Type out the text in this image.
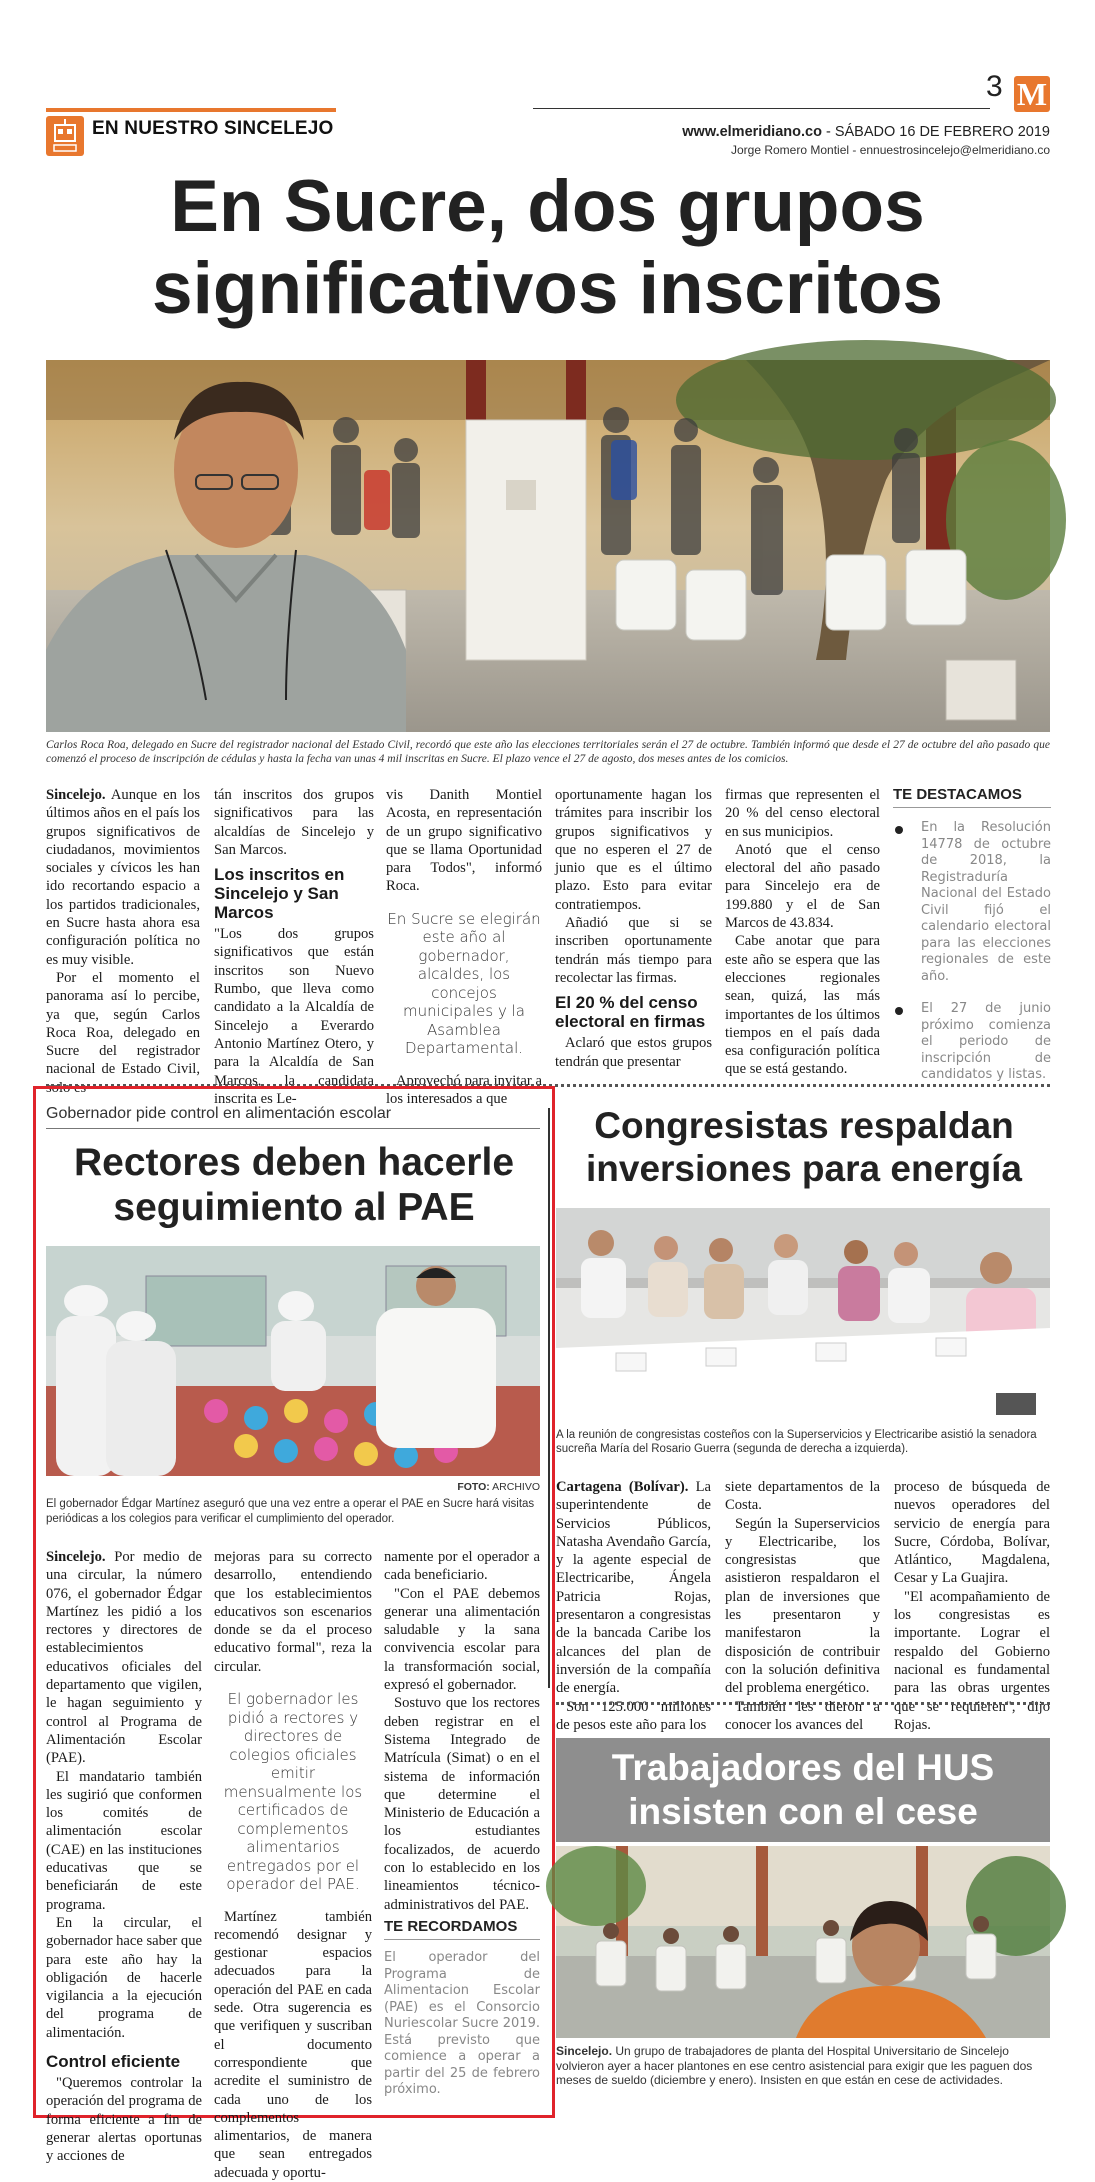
EN NUESTRO SINCELEJO
3 M
www.elmeridiano.co - SÁBADO 16 DE FEBRERO 2019
Jorge Romero Montiel - ennuestrosincelejo@elmeridiano.co
En Sucre, dos grupos
significativos inscritos
Carlos Roca Roa, delegado en Sucre del registrador nacional del Estado Civil, recordó que este año las elecciones territoriales serán el 27 de octubre. También informó que desde el 27 de octubre del año pasado que comenzó el proceso de inscripción de cédulas y hasta la fecha van unas 4 mil inscritas en Sucre. El plazo vence el 27 de agosto, dos meses antes de los comicios.

Sincelejo. Aunque en los últimos años en el país los grupos significativos de ciudadanos, movimientos sociales y cívicos les han ido recortando espacio a los partidos tradicionales, en Sucre hasta ahora esa configuración política no es muy visible.

Por el momento el panorama así lo percibe, ya que, según Carlos Roca Roa, delegado en Sucre del registrador nacional de Estado Civil, solo es-

tán inscritos dos grupos significativos para las alcaldías de Sincelejo y San Marcos.

Los inscritos en Sincelejo y San Marcos

"Los dos grupos significativos que están inscritos son Nuevo Rumbo, que lleva como candidato a la Alcaldía de Sincelejo a Everardo Antonio Martínez Otero, y para la Alcaldía de San Marcos, la candidata inscrita es Le-

vis Danith Montiel Acosta, en representación de un grupo significativo que se llama Oportunidad para Todos", informó Roca.

En Sucre se elegirán este año al gobernador, alcaldes, los concejos municipales y la Asamblea Departamental.

Aprovechó para invitar a los interesados a que

oportunamente hagan los trámites para inscribir los grupos significativos y que no esperen el 27 de junio que es el último plazo. Esto para evitar contratiempos.

Añadió que si se inscriben oportunamente tendrán más tiempo para recolectar las firmas.

El 20 % del censo electoral en firmas

Aclaró que estos grupos tendrán que presentar

firmas que representen el 20 % del censo electoral en sus municipios.

Anotó que el censo electoral del año pasado para Sincelejo era de 199.880 y el de San Marcos de 43.834.

Cabe anotar que para este año se espera que las elecciones regionales sean, quizá, las más importantes de los últimos tiempos en el país dada esa configuración política que se está gestando.

TE DESTACAMOS

En la Resolución 14778 de octubre de 2018, la Registraduría Nacional del Estado Civil fijó el calendario electoral para las elecciones regionales de este año.

El 27 de junio próximo comienza el periodo de inscripción de candidatos y listas.

Gobernador pide control en alimentación escolar
Rectores deben hacerle
seguimiento al PAE
FOTO: ARCHIVO
El gobernador Édgar Martínez aseguró que una vez entre a operar el PAE en Sucre hará visitas periódicas a los colegios para verificar el cumplimiento del operador.

Sincelejo. Por medio de una circular, la número 076, el gobernador Édgar Martínez les pidió a los rectores y directores de establecimientos educativos oficiales del departamento que vigilen, le hagan seguimiento y control al Programa de Alimentación Escolar (PAE).

El mandatario también les sugirió que conformen los comités de alimentación escolar (CAE) en las instituciones educativas que se beneficiarán de este programa.

En la circular, el gobernador hace saber que para este año hay la obligación de hacerle vigilancia a la ejecución del programa de alimentación.

Control eficiente

"Queremos controlar la operación del programa de forma eficiente a fin de generar alertas oportunas y acciones de

mejoras para su correcto desarrollo, entendiendo que los establecimientos educativos son escenarios donde se da el proceso educativo formal", reza la circular.

El gobernador les pidió a rectores y directores de colegios oficiales emitir mensualmente los certificados de complementos alimentarios entregados por el operador del PAE.

Martínez también recomendó designar y gestionar espacios adecuados para la operación del PAE en cada sede. Otra sugerencia es que verifiquen y suscriban el documento correspondiente que acredite el suministro de cada uno de los complementos alimentarios, de manera que sean entregados adecuada y oportu-

namente por el operador a cada beneficiario.

"Con el PAE debemos generar una alimentación saludable y la sana convivencia escolar para la transformación social, expresó el gobernador.

Sostuvo que los rectores deben registrar en el Sistema Integrado de Matrícula (Simat) o en el sistema de información que determine el Ministerio de Educación a los estudiantes focalizados, de acuerdo con lo establecido en los lineamientos técnico-administrativos del PAE.

TE RECORDAMOS

El operador del Programa de Alimentacion Escolar (PAE) es el Consorcio Nuriescolar Sucre 2019. Está previsto que comience a operar a partir del 25 de febrero próximo.

Congresistas respaldan
inversiones para energía
A la reunión de congresistas costeños con la Superservicios y Electricaribe asistió la senadora sucreña María del Rosario Guerra (segunda de derecha a izquierda).

Cartagena (Bolívar). La superintendente de Servicios Públicos, Natasha Avendaño García, y la agente especial de Electricaribe, Ángela Patricia Rojas, presentaron a congresistas de la bancada Caribe los alcances del plan de inversión de la compañía de energía.

Son 125.000 millones de pesos este año para los

siete departamentos de la Costa.

Según la Superservicios y Electricaribe, los congresistas que asistieron respaldaron el plan de inversiones que les presentaron y manifestaron la disposición de contribuir con la solución definitiva del problema energético.

También les dieron a conocer los avances del

proceso de búsqueda de nuevos operadores del servicio de energía para Sucre, Córdoba, Bolívar, Atlántico, Magdalena, Cesar y La Guajira.

"El acompañamiento de los congresistas es importante. Lograr el respaldo del Gobierno nacional es fundamental para las obras urgentes que se requieren", dijo Rojas.

Trabajadores del HUS
insisten con el cese
Sincelejo. Un grupo de trabajadores de planta del Hospital Universitario de Sincelejo volvieron ayer a hacer plantones en ese centro asistencial para exigir que les paguen dos meses de sueldo (diciembre y enero). Insisten en que están en cese de actividades.
